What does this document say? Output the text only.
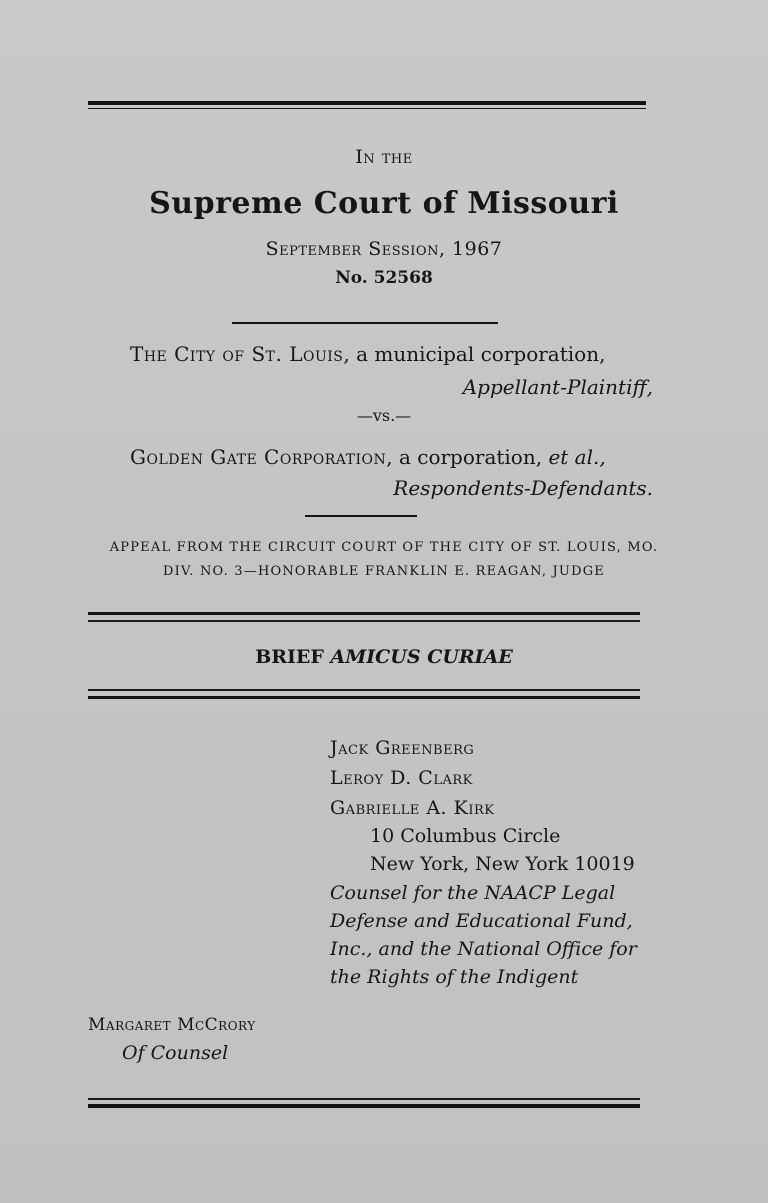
In the
Supreme Court of Missouri
September Session, 1967
No. 52568
The City of St. Louis, a municipal corporation,
Appellant-Plaintiff,
—vs.—
Golden Gate Corporation, a corporation, et al.,
Respondents-Defendants.
APPEAL FROM THE CIRCUIT COURT OF THE CITY OF ST. LOUIS, MO.
DIV. NO. 3—HONORABLE FRANKLIN E. REAGAN, JUDGE
BRIEF AMICUS CURIAE
Jack Greenberg
Leroy D. Clark
Gabrielle A. Kirk
10 Columbus Circle
New York, New York 10019
Counsel for the NAACP Legal
Defense and Educational Fund,
Inc., and the National Office for
the Rights of the Indigent
Margaret McCrory
Of Counsel
